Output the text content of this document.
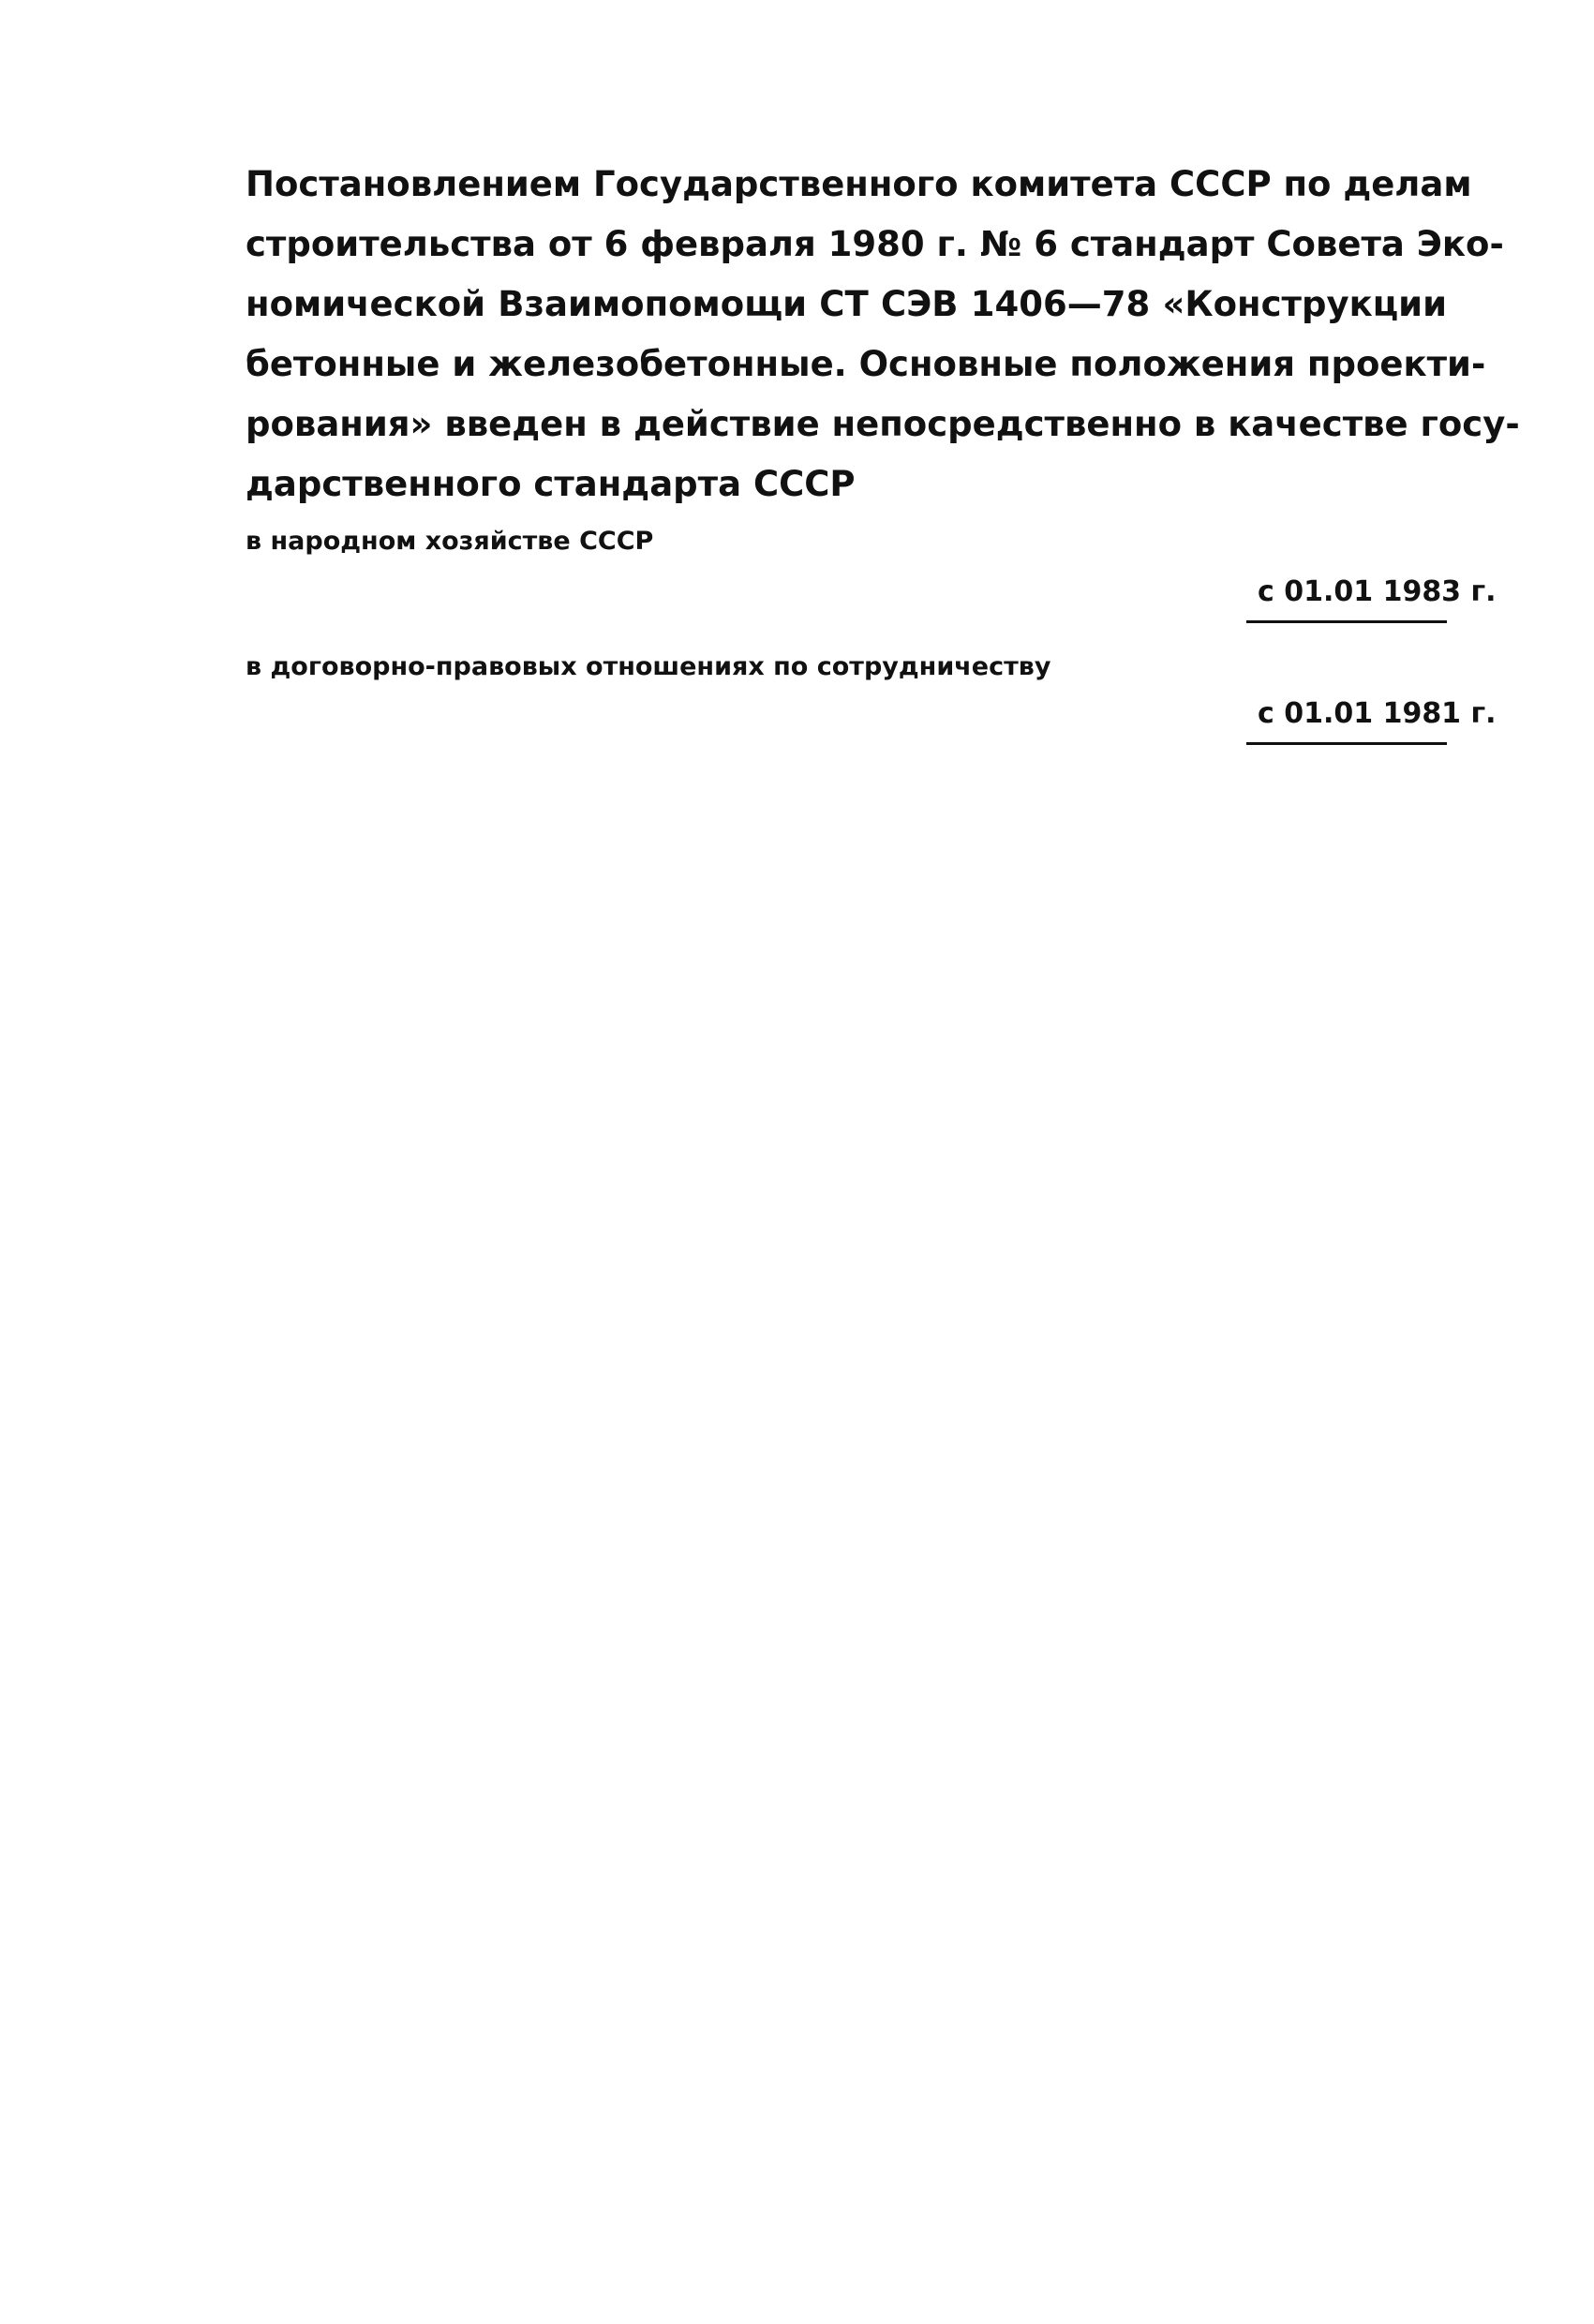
Постановлением Государственного комитета СССР по делам
строительства от 6 февраля 1980 г. № 6 стандарт Совета Эко-
номической Взаимопомощи СТ СЭВ 1406—78 «Конструкции
бетонные и железобетонные. Основные положения проекти-
рования» введен в действие непосредственно в качестве госу-
дарственного стандарта СССР
в народном хозяйстве СССР
с 01.01 1983 г.
в договорно-правовых отношениях по сотрудничеству
с 01.01 1981 г.
